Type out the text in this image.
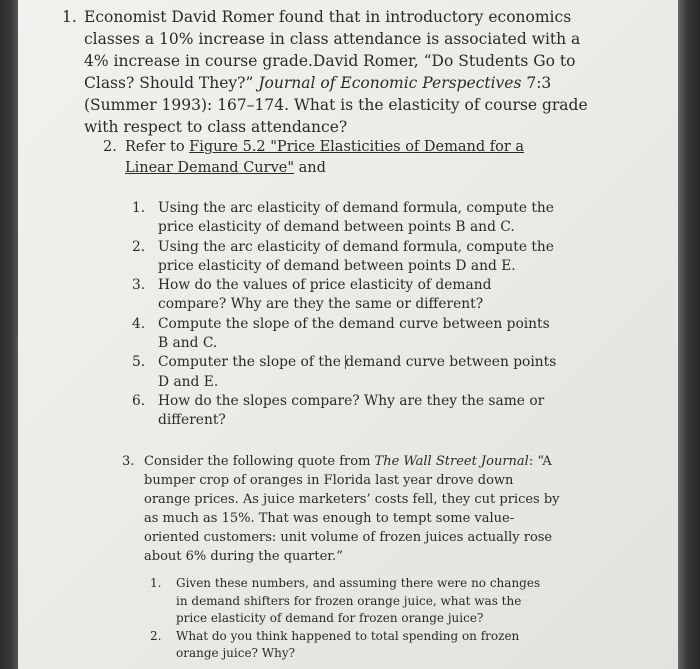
1. Economist David Romer found that in introductory economics classes a 10% increase in class attendance is associated with a 4% increase in course grade.David Romer, “Do Students Go to Class? Should They?” Journal of Economic Perspectives 7:3 (Summer 1993): 167–174. What is the elasticity of course grade with respect to class attendance?
2. Refer to Figure 5.2 "Price Elasticities of Demand for a Linear Demand Curve" and
1. Using the arc elasticity of demand formula, compute the price elasticity of demand between points B and C.
2. Using the arc elasticity of demand formula, compute the price elasticity of demand between points D and E.
3. How do the values of price elasticity of demand compare? Why are they the same or different?
4. Compute the slope of the demand curve between points B and C.
5. Computer the slope of the demand curve between points D and E.
6. How do the slopes compare? Why are they the same or different?
3. Consider the following quote from The Wall Street Journal: “A bumper crop of oranges in Florida last year drove down orange prices. As juice marketers’ costs fell, they cut prices by as much as 15%. That was enough to tempt some value-oriented customers: unit volume of frozen juices actually rose about 6% during the quarter.”
1. Given these numbers, and assuming there were no changes in demand shifters for frozen orange juice, what was the price elasticity of demand for frozen orange juice?
2. What do you think happened to total spending on frozen orange juice? Why?
